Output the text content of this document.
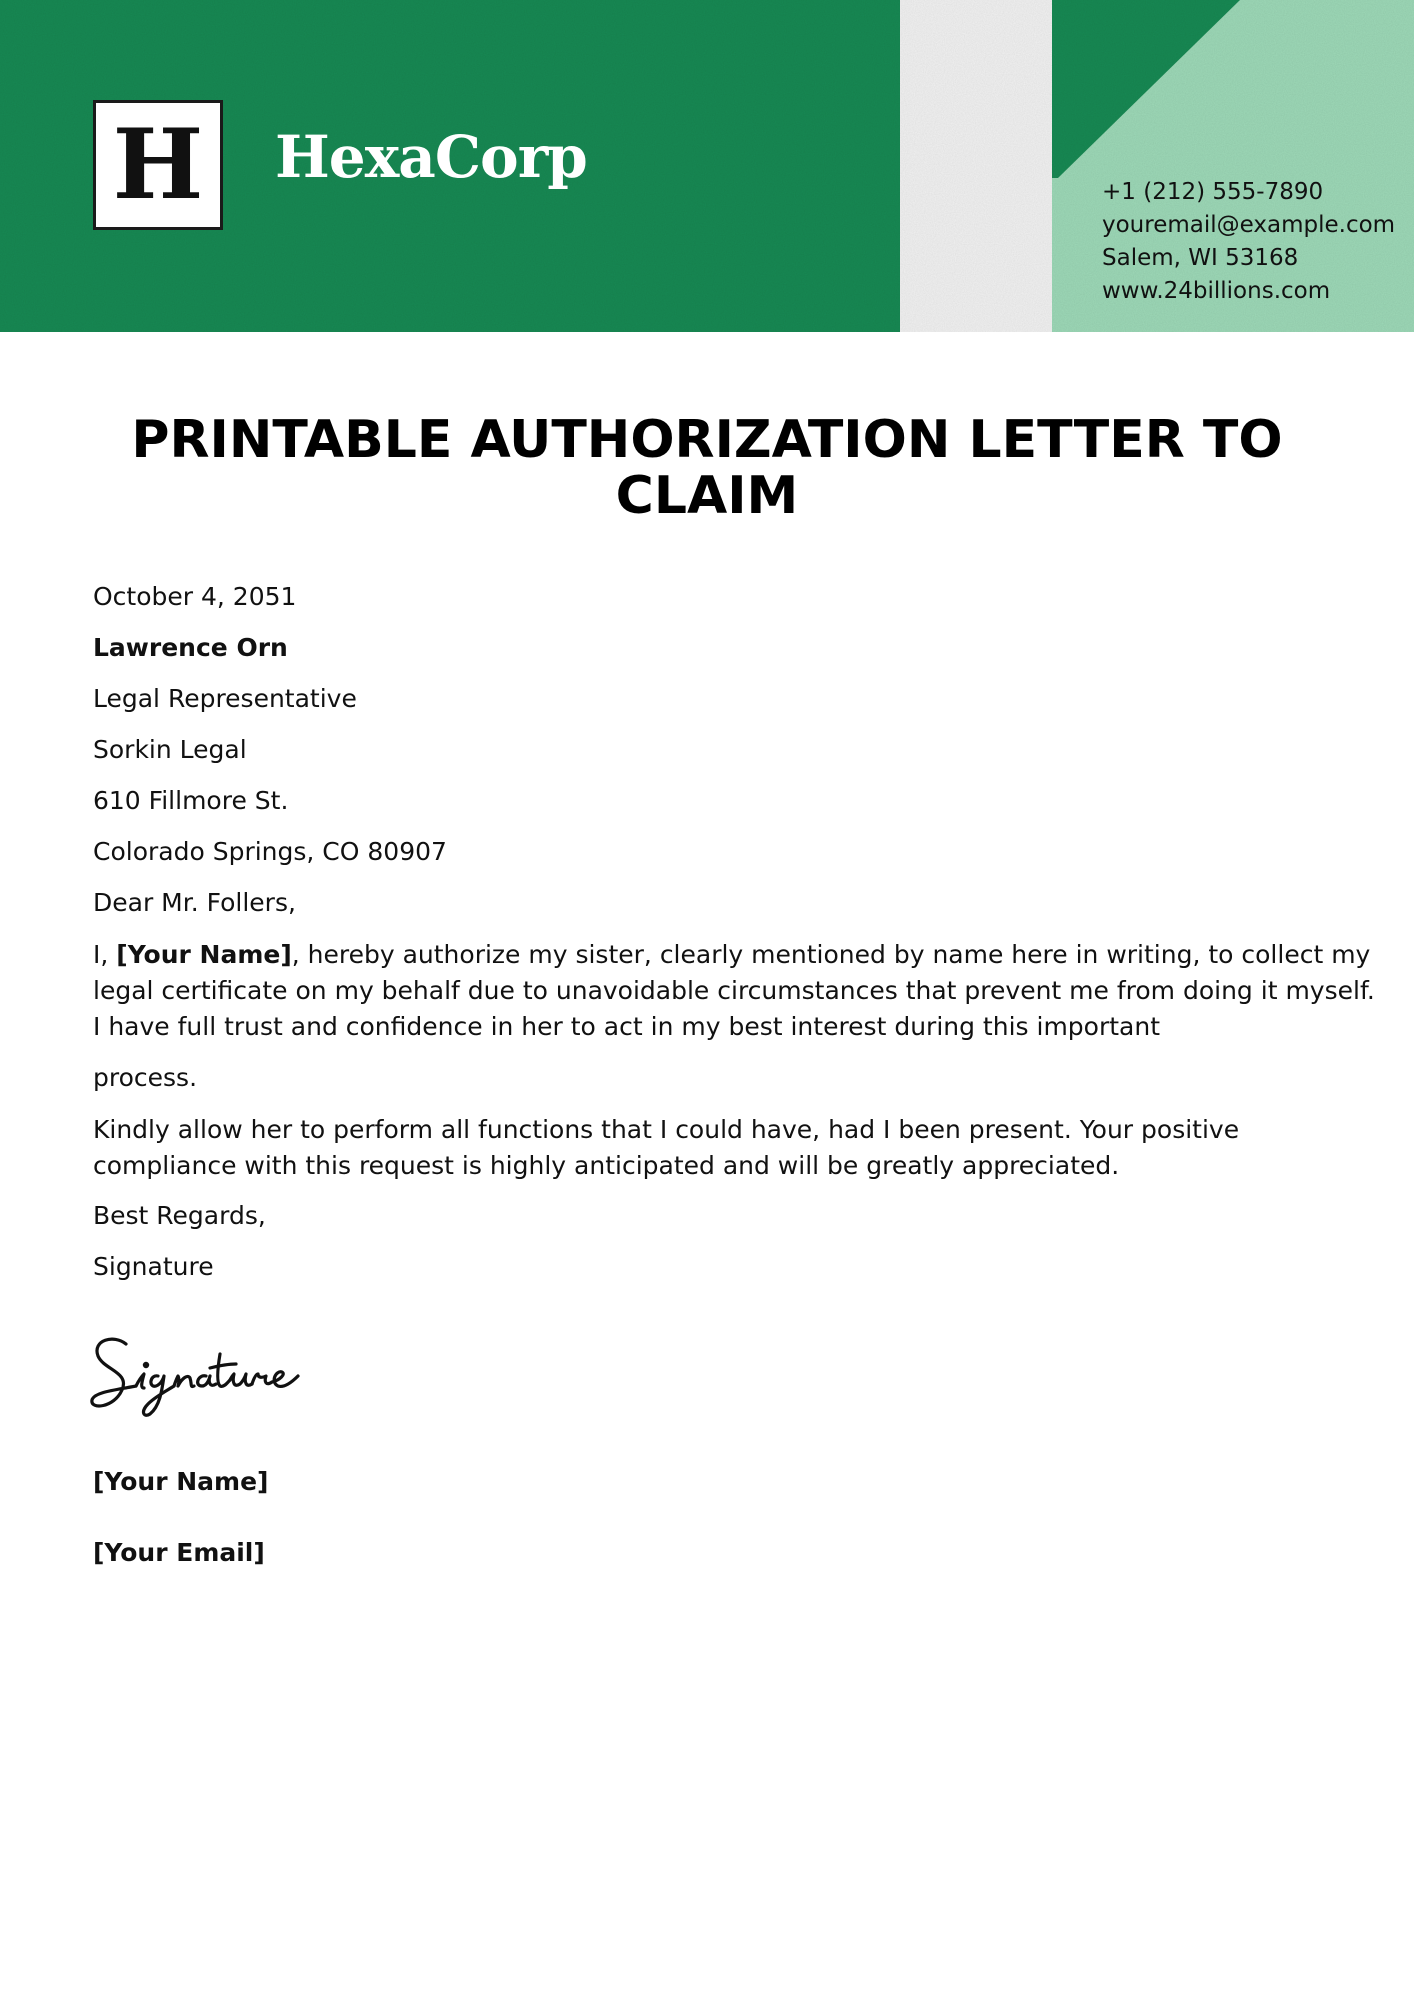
H HexaCorp
+1 (212) 555-7890
youremail@example.com
Salem, WI 53168
www.24billions.com
PRINTABLE AUTHORIZATION LETTER TO
CLAIM
October 4, 2051
Lawrence Orn
Legal Representative
Sorkin Legal
610 Fillmore St.
Colorado Springs, CO 80907
Dear Mr. Follers,
I, [Your Name], hereby authorize my sister, clearly mentioned by name here in writing, to collect my
legal certificate on my behalf due to unavoidable circumstances that prevent me from doing it myself.
I have full trust and confidence in her to act in my best interest during this important
process.
Kindly allow her to perform all functions that I could have, had I been present. Your positive
compliance with this request is highly anticipated and will be greatly appreciated.
Best Regards,
Signature
[Your Name]
[Your Email]
